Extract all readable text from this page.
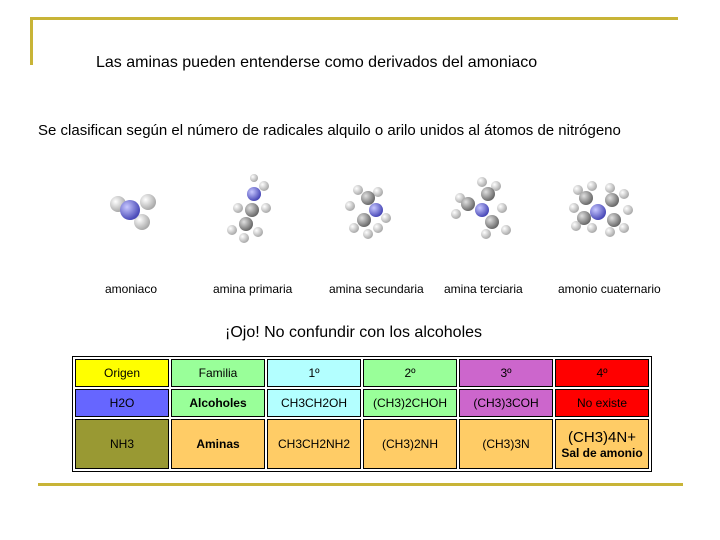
Las aminas pueden entenderse como derivados del amoniaco
Se clasifican según el número de radicales alquilo o arilo unidos al átomos de nitrógeno
amoniaco	amina primaria	amina secundaria amina terciaria	amonio cuaternario
¡Ojo! No confundir con los alcoholes
Origen	Familia	1º	2º	3º	4º
H2O	Alcoholes	CH3CH2OH	(CH3)2CHOH	(CH3)3COH	No existe
NH3	Aminas	CH3CH2NH2	(CH3)2NH	(CH3)3N	(CH3)4N+
Sal de amonio
